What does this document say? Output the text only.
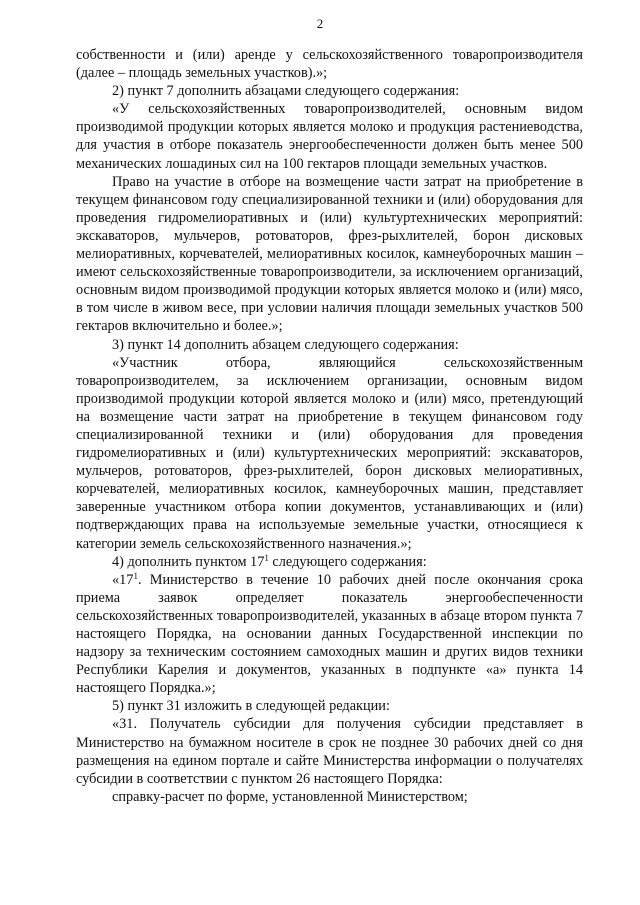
2

собственности и (или) аренде у сельскохозяйственного товаропроизводителя (далее – площадь земельных участков).»;

2) пункт 7 дополнить абзацами следующего содержания:

«У сельскохозяйственных товаропроизводителей, основным видом производимой продукции которых является молоко и продукция растениеводства, для участия в отборе показатель энергообеспеченности должен быть менее 500 механических лошадиных сил на 100 гектаров площади земельных участков.

Право на участие в отборе на возмещение части затрат на приобретение в текущем финансовом году специализированной техники и (или) оборудования для проведения гидромелиоративных и (или) культуртехнических мероприятий: экскаваторов, мульчеров, ротоваторов, фрез-рыхлителей, борон дисковых мелиоративных, корчевателей, мелиоративных косилок, камнеуборочных машин – имеют сельскохозяйственные товаропроизводители, за исключением организаций, основным видом производимой продукции которых является молоко и (или) мясо, в том числе в живом весе, при условии наличия площади земельных участков 500 гектаров включительно и более.»;

3) пункт 14 дополнить абзацем следующего содержания:

«Участник отбора, являющийся сельскохозяйственным товаропроизводителем, за исключением организации, основным видом производимой продукции которой является молоко и (или) мясо, претендующий на возмещение части затрат на приобретение в текущем финансовом году специализированной техники и (или) оборудования для проведения гидромелиоративных и (или) культуртехнических мероприятий: экскаваторов, мульчеров, ротоваторов, фрез-рыхлителей, борон дисковых мелиоративных, корчевателей, мелиоративных косилок, камнеуборочных машин, представляет заверенные участником отбора копии документов, устанавливающих и (или) подтверждающих права на используемые земельные участки, относящиеся к категории земель сельскохозяйственного назначения.»;

4) дополнить пунктом $17^1$ следующего содержания:

«$17^1$. Министерство в течение 10 рабочих дней после окончания срока приема заявок определяет показатель энергообеспеченности сельскохозяйственных товаропроизводителей, указанных в абзаце втором пункта 7 настоящего Порядка, на основании данных Государственной инспекции по надзору за техническим состоянием самоходных машин и других видов техники Республики Карелия и документов, указанных в подпункте «а» пункта 14 настоящего Порядка.»;

5) пункт 31 изложить в следующей редакции:

«31. Получатель субсидии для получения субсидии представляет в Министерство на бумажном носителе в срок не позднее 30 рабочих дней со дня размещения на едином портале и сайте Министерства информации о получателях субсидии в соответствии с пунктом 26 настоящего Порядка:

справку-расчет по форме, установленной Министерством;
